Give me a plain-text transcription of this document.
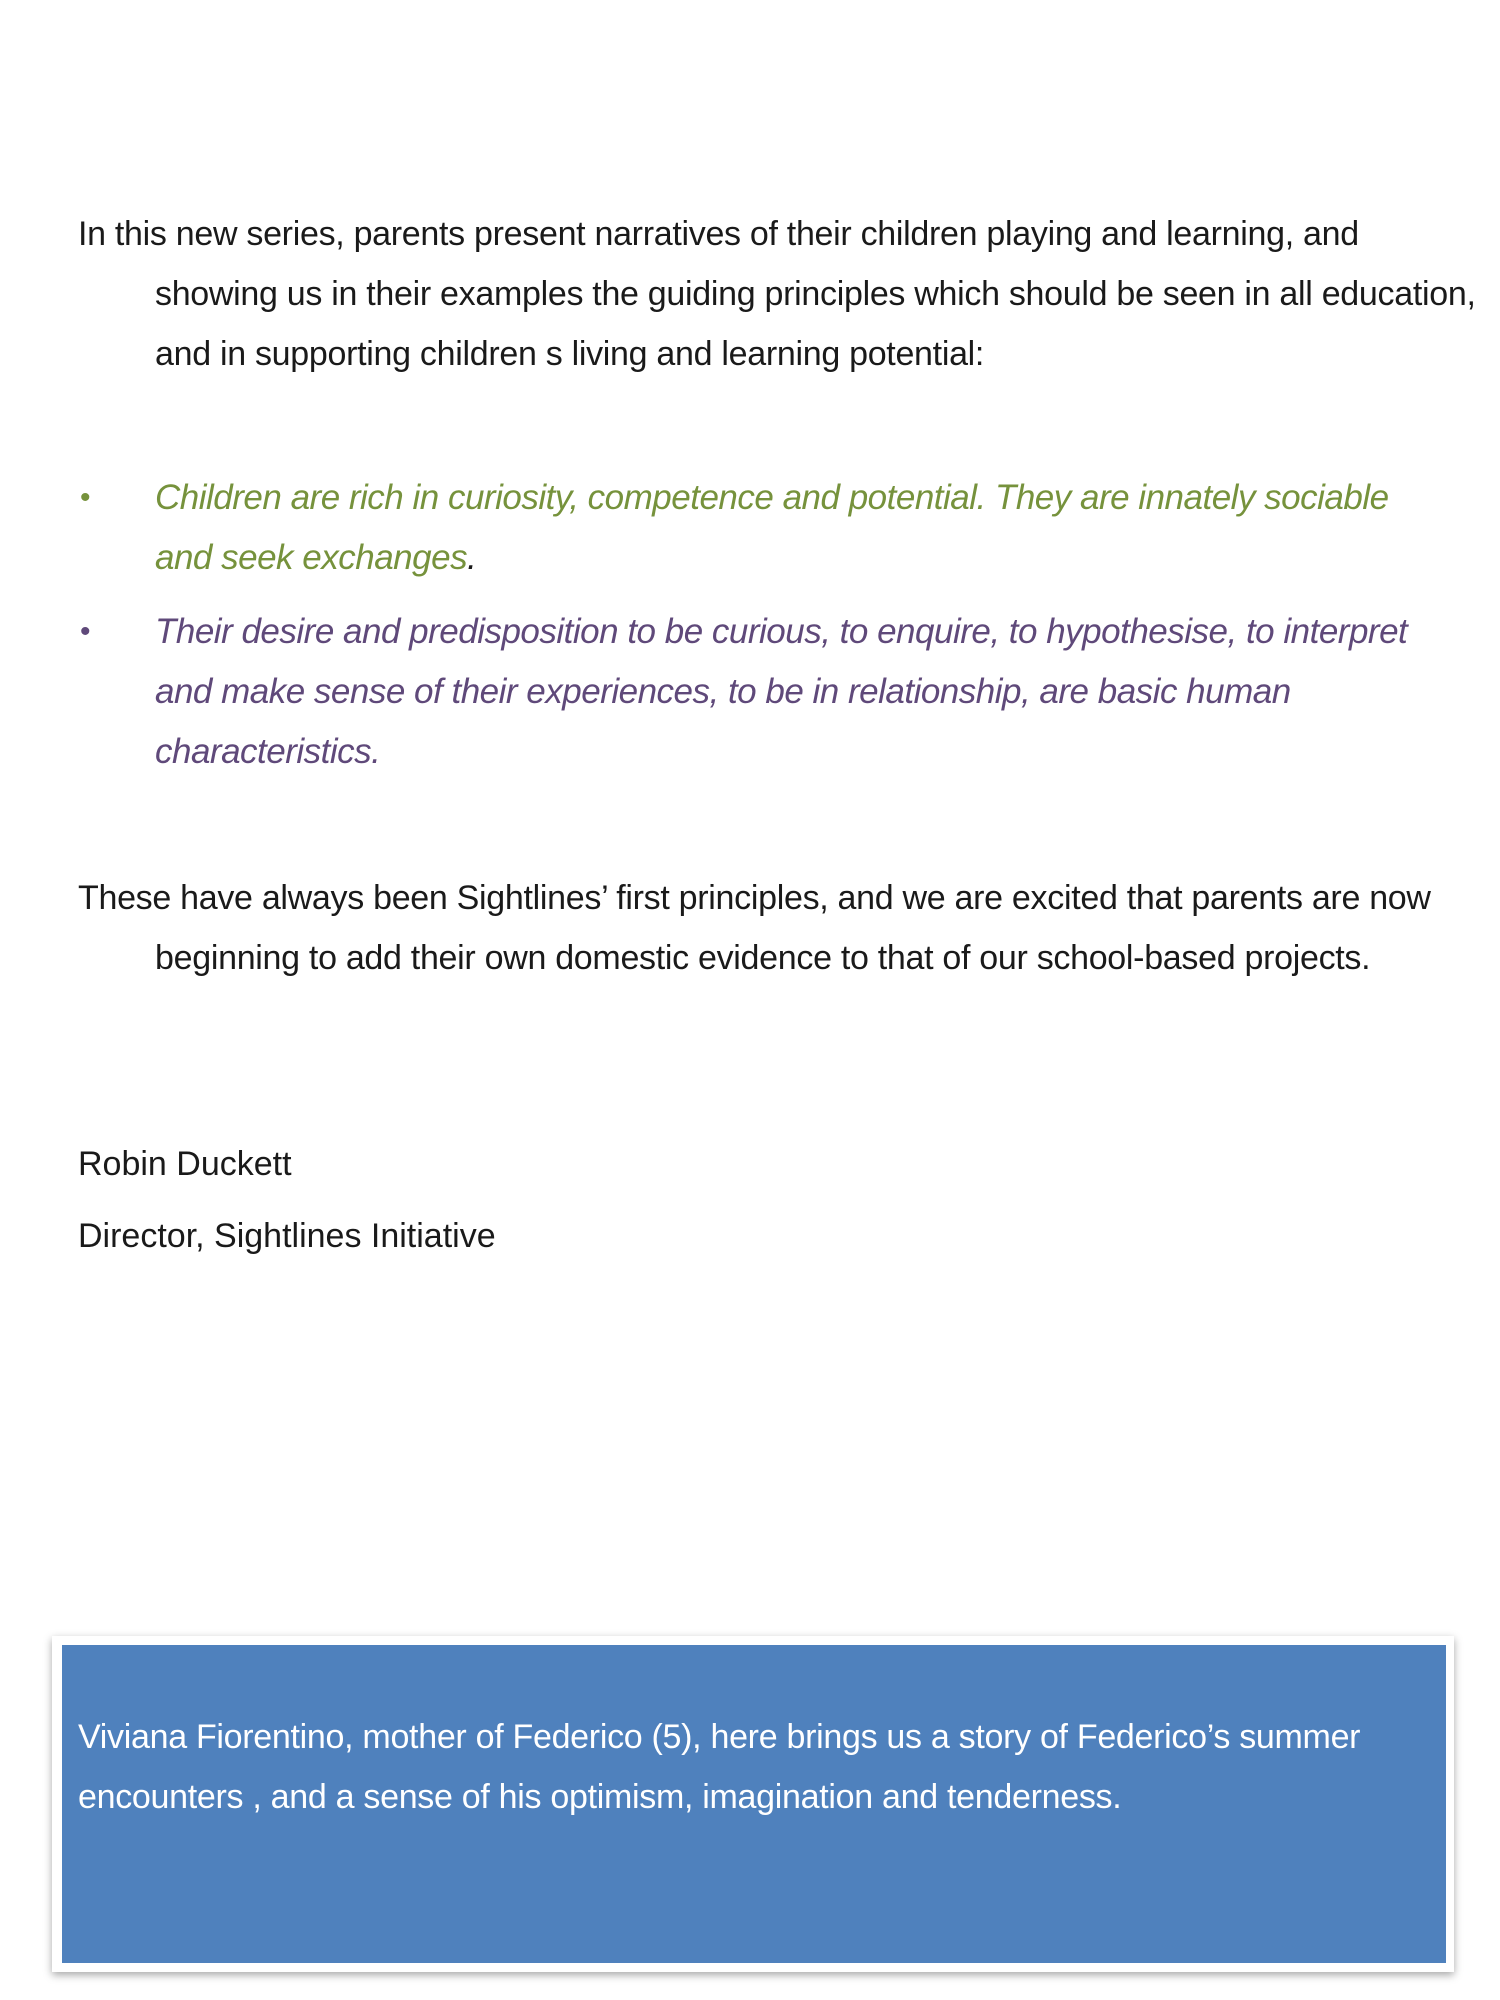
In this new series, parents present narratives of their children playing and learning, and showing us in their examples the guiding principles which should be seen in all education, and in supporting children s living and learning potential:

• Children are rich in curiosity, competence and potential. They are innately sociable and seek exchanges.
• Their desire and predisposition to be curious, to enquire, to hypothesise, to interpret and make sense of their experiences, to be in relationship, are basic human characteristics.

These have always been Sightlines’ first principles, and we are excited that parents are now beginning to add their own domestic evidence to that of our school-based projects.

Robin Duckett

Director, Sightlines Initiative

Viviana Fiorentino, mother of Federico (5), here brings us a story of Federico’s summer encounters , and a sense of his optimism, imagination and tenderness.
